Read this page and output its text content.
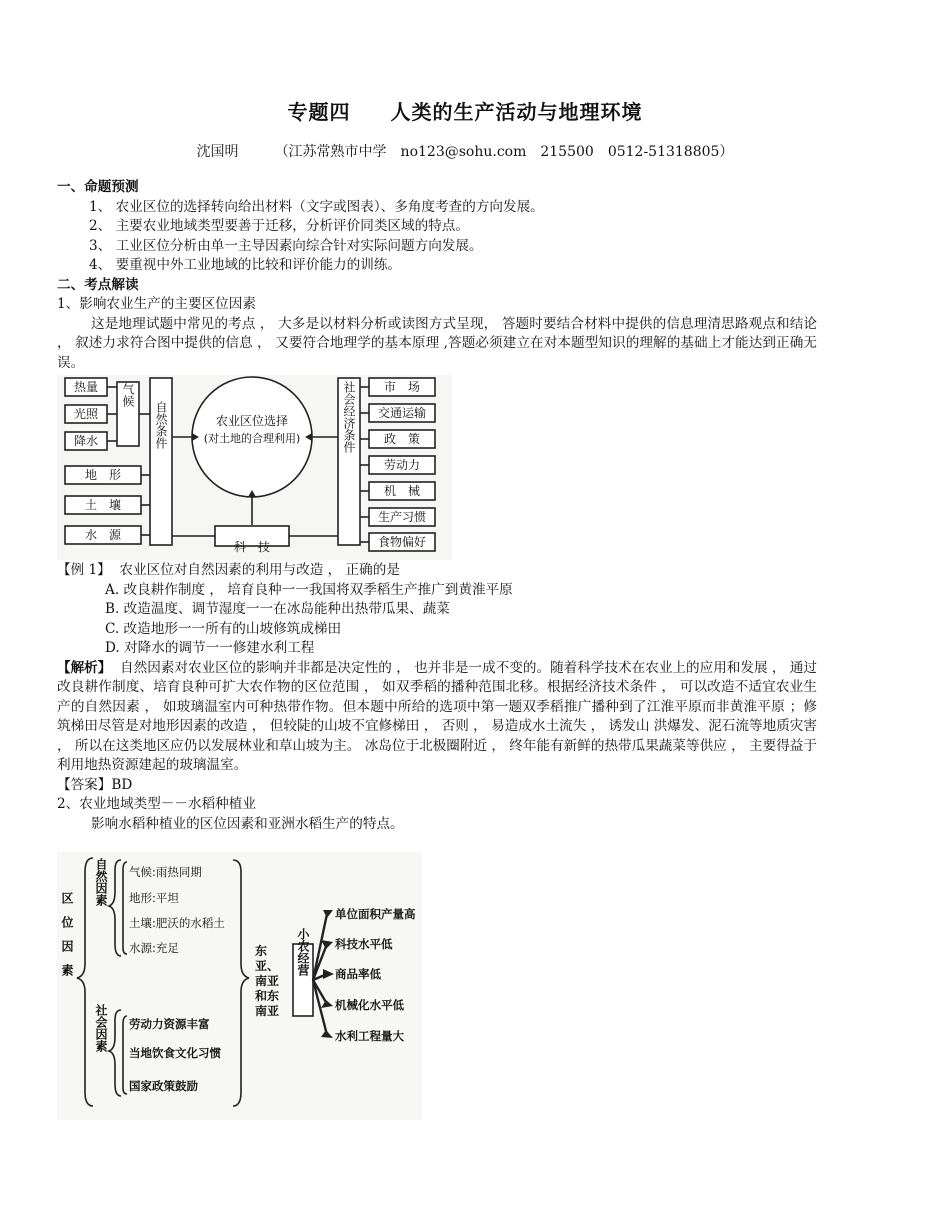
专题四 人类的生产活动与地理环境
沈国明	（江苏常熟市中学　no123@sohu.com　215500　0512-51318805）
一、命题预测
1、 农业区位的选择转向给出材料（文字或图表）、多角度考查的方向发展。
2、 主要农业地域类型要善于迁移，分析评价同类区域的特点。
3、 工业区位分析由单一主导因素向综合针对实际问题方向发展。
4、 要重视中外工业地域的比较和评价能力的训练。
二、考点解读
1、影响农业生产的主要区位因素
这是地理试题中常见的考点 ， 大多是以材料分析或读图方式呈现， 答题时要结合材料中提供的信息理清思路观点和结论 ， 叙述力求符合图中提供的信息 ， 又要符合地理学的基本原理 ,答题必须建立在对本题型知识的理解的基础上才能达到正确无误。
热量
光照
降水
地　形
土　壤
水　源
科　技
农业区位选择
(对土地的合理利用)
市　场
交通运输
政　策
劳动力
机　械
生产习惯
食物偏好
气候
自然条件	社会经济条件
【例 1】 农业区位对自然因素的利用与改造 ， 正确的是
A. 改良耕作制度 ， 培育良种一一我国将双季稻生产推广到黄淮平原
B. 改造温度、调节湿度一一在冰岛能种出热带瓜果、蔬菜
C. 改造地形一一所有的山坡修筑成梯田
D. 对降水的调节一一修建水利工程
【解析】 自然因素对农业区位的影响并非都是决定性的 ， 也并非是一成不变的。随着科学技术在农业上的应用和发展 ， 通过改良耕作制度、培育良种可扩大农作物的区位范围 ， 如双季稻的播种范围北移。根据经济技术条件 ， 可以改造不适宜农业生产的自然因素 ， 如玻璃温室内可种热带作物。但本题中所给的选项中第一题双季稻推广播种到了江淮平原而非黄淮平原 ；修筑梯田尽管是对地形因素的改造 ， 但较陡的山坡不宜修梯田 ， 否则 ， 易造成水土流失 ， 诱发山 洪爆发、泥石流等地质灾害 ， 所以在这类地区应仍以发展林业和草山坡为主。 冰岛位于北极圈附近 ， 终年能有新鲜的热带瓜果蔬菜等供应 ， 主要得益于利用地热资源建起的玻璃温室。
【答案】BD
2、农业地域类型－－水稻种植业
影响水稻种植业的区位因素和亚洲水稻生产的特点。
气候:雨热同期
地形:平坦
土壤:肥沃的水稻土
水源:充足
劳动力资源丰富
当地饮食文化习惯
国家政策鼓励
单位面积产量高
科技水平低
商品率低
机械化水平低
水利工程量大
区位因素
自然因素
社会因素
小农经营
东亚、南亚和东南亚
